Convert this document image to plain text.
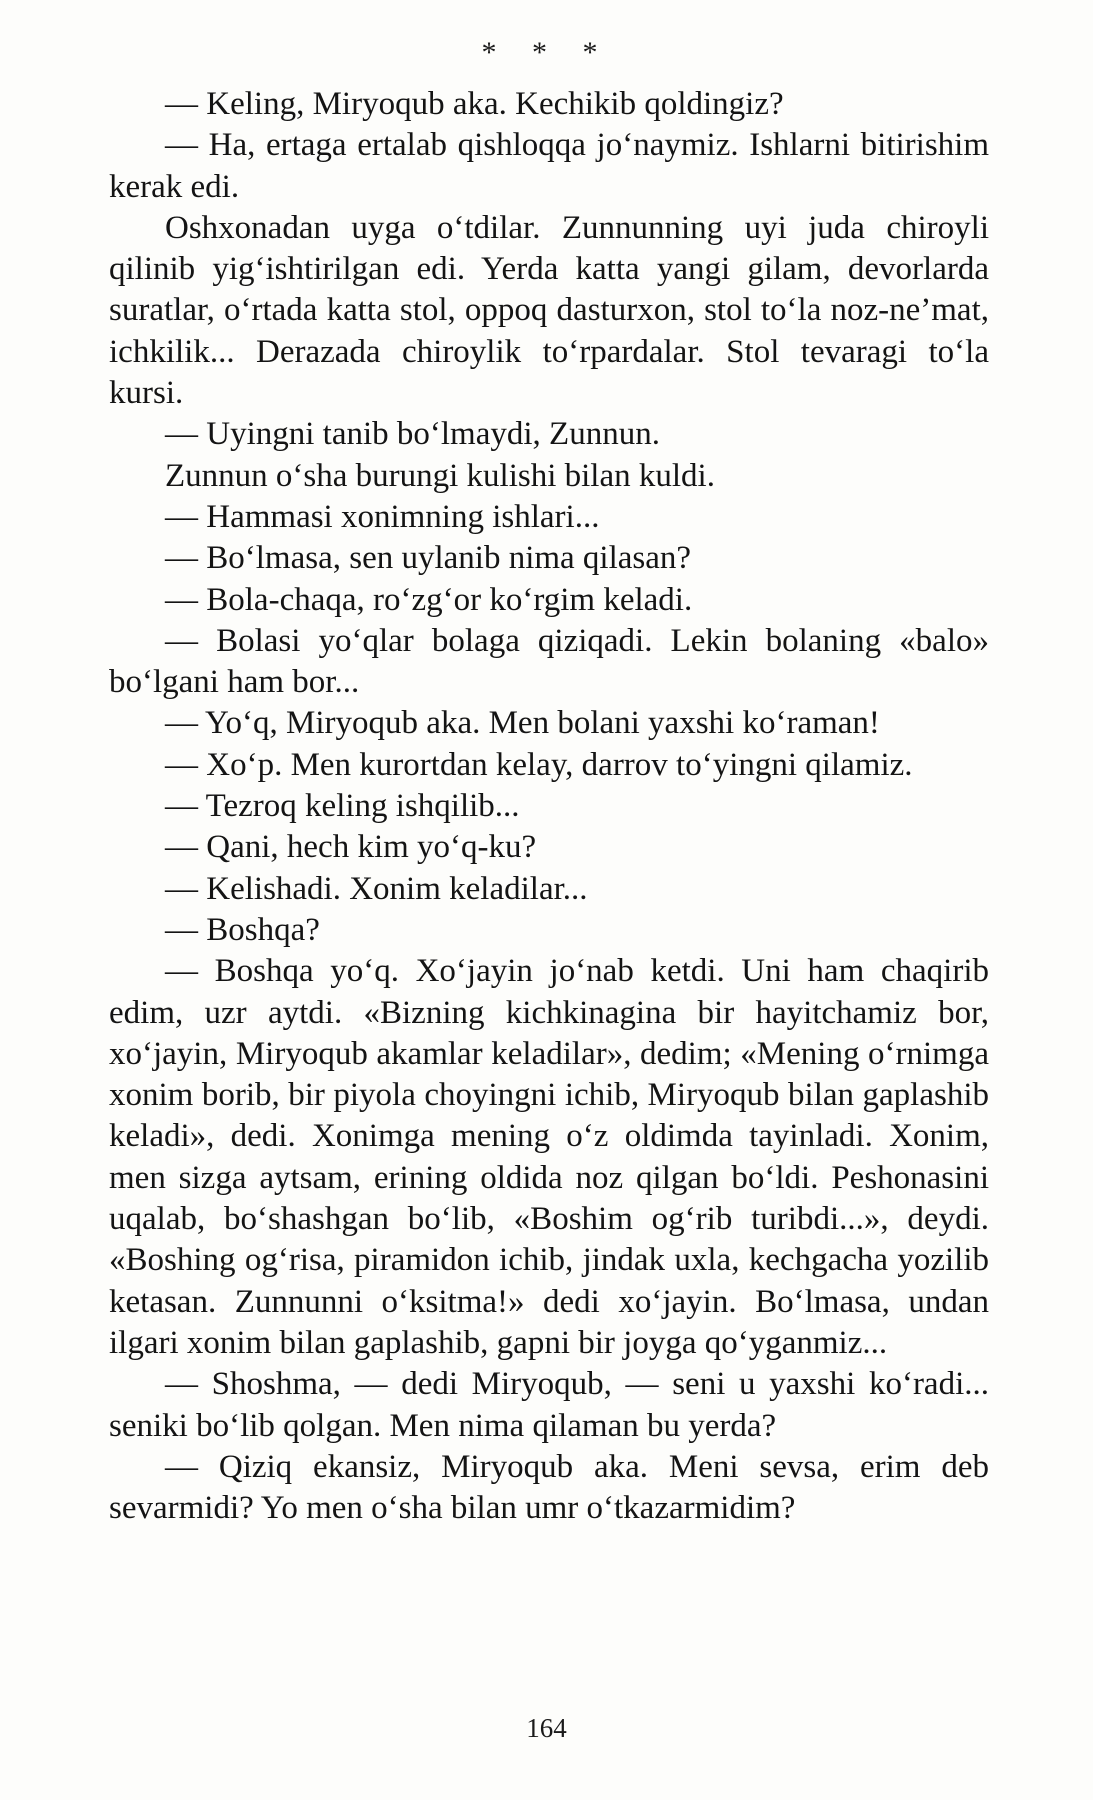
* * *

— Keling, Miryoqub aka. Kechikib qoldingiz?

— Ha, ertaga ertalab qishloqqa jo‘naymiz. Ishlarni bitirishim kerak edi.

Oshxonadan uyga o‘tdilar. Zunnunning uyi juda chiroyli qilinib yig‘ishtirilgan edi. Yerda katta yangi gilam, devorlarda suratlar, o‘rtada katta stol, oppoq dasturxon, stol to‘la noz-ne’mat, ichkilik... Derazada chiroylik to‘rpardalar. Stol tevaragi to‘la kursi.

— Uyingni tanib bo‘lmaydi, Zunnun.

Zunnun o‘sha burungi kulishi bilan kuldi.

— Hammasi xonimning ishlari...

— Bo‘lmasa, sen uylanib nima qilasan?

— Bola-chaqa, ro‘zg‘or ko‘rgim keladi.

— Bolasi yo‘qlar bolaga qiziqadi. Lekin bolaning «balo» bo‘lgani ham bor...

— Yo‘q, Miryoqub aka. Men bolani yaxshi ko‘raman!

— Xo‘p. Men kurortdan kelay, darrov to‘yingni qilamiz.

— Tezroq keling ishqilib...

— Qani, hech kim yo‘q-ku?

— Kelishadi. Xonim keladilar...

— Boshqa?

— Boshqa yo‘q. Xo‘jayin jo‘nab ketdi. Uni ham chaqirib edim, uzr aytdi. «Bizning kichkinagina bir hayitchamiz bor, xo‘jayin, Miryoqub akamlar keladilar», dedim; «Mening o‘rnimga xonim borib, bir piyola choyingni ichib, Miryoqub bilan gaplashib keladi», dedi. Xonimga mening o‘z oldimda tayinladi. Xonim, men sizga aytsam, erining oldida noz qilgan bo‘ldi. Peshonasini uqalab, bo‘shashgan bo‘lib, «Boshim og‘rib turibdi...», deydi. «Boshing og‘risa, piramidon ichib, jindak uxla, kechgacha yozilib ketasan. Zunnunni o‘ksitma!» dedi xo‘jayin. Bo‘lmasa, undan ilgari xonim bilan gaplashib, gapni bir joyga qo‘yganmiz...

— Shoshma, — dedi Miryoqub, — seni u yaxshi ko‘radi... seniki bo‘lib qolgan. Men nima qilaman bu yerda?

— Qiziq ekansiz, Miryoqub aka. Meni sevsa, erim deb sevarmidi? Yo men o‘sha bilan umr o‘tkazarmidim?

164
